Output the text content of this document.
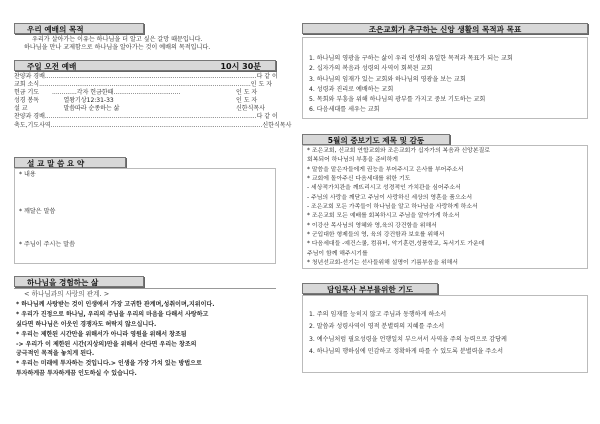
우리 예배의 목적
우리가 살아가는 이유는 하나님을 더 알고 싶은 갈망 때문입니다.
하나님을 만나 교제함으로 하나님을 알아가는 것이 예배의 목적입니다.
주일 오전 예배	10시 30분
찬양과 경배 ............................................................................................................... 다 같 이
교회 소식 ............................................................................................................... 인 도 자
헌금 기도	.............각자 헌금한때...................................	인 도 자
성경 봉독	열왕기상12:31-33	인 도 자
설 교	말씀따라 순종하는 삶	신한식목사
찬양과 경배 ............................................................................................................... 다 같 이
축도,기도사역 ............................................................................................................... 신한식목사
설 교 말 씀 요 약
* 내용
* 깨달은 말씀
* 주님이 주시는 말씀
하나님을 경험하는 삶
< 하나님과의 사랑의 관계. >
* 하나님께 사랑받는 것이 인생에서 가장 고귀한 관계며,성취이며,지위이다.
* 우리가 진정으로 하나님, 우리의 주님을 우리의 마음을 다해서 사랑하고
싶다면 하나님은 이웃인 경쟁자도 허락지 않으십니다.
* 우리는 제한된 시간만을 위해서가 아니라 영원을 위해서 창조됨
-> 우리가 이 제한된 시간(지상의)만을 위해서 산다면 우리는 창조의
궁극적인 목적을 놓치게 된다.
* 우리는 미래에 투자하는 것입니다.> 인생을 가장 가치 있는 방법으로
투자하게끔 투자하게끔 인도하실 수 있습니다.
조은교회가 추구하는 신앙 생활의 목적과 목표
1. 하나님의 영광을 구하는 삶이 우리 인생의 유일한 목적과 목표가 되는 교회
2. 십자가의 복음과 성령의 사역이 회복된 교회
3. 하나님의 임재가 있는 교회와 하나님의 영광을 보는 교회
4. 성령과 진리로 예배하는 교회
5. 목회와 부흥을 위해 하나님의 광부를 가지고 중보 기도하는 교회
6. 다음세대를 세우는 교회
5월의 중보기도 제목 및 감동
* 조은교회, 신교회 연합교회와 조은교회가 십자가의 복음과 신앙본질로
회복되어 하나님의 부흥을 준비하게
* 말씀을 맡은자들에게 권능을 부어주시고 은사를 부어주소서
* 교회에 돌아주신 다음세대를 위한 기도
- 세상적가치관을 깨뜨리시고 성경적인 가치관을 심어주소서
- 주님의 사랑을 깨닫고 주님이 사랑하신 세상의 영혼을 품으소서
- 조은교회 모든 가족들이 하나님을 알고 하나님을 사랑하게 하소서
* 조은교회 모든 예배를 회복하시고 주님을 알아가게 하소서
* 이강산 목사님의 영혜와 영,육의 강건함을 위해서
* 군입대한 형제들의 영, 육의 강건함과 보호를 위해서
* 다음세대들 -예건스쿨, 컴퓨터, 악기훈련,성품학교, 독서기도 가운데
주님이 함께 해주시기를
* 청년선교회-선기는 선사들위해 설명이 기름부음을 위해서
담임목사 부부를위한 기도
1. 주의 임재를 능히지 않고 주님과 동행하게 하소서
2. 말씀과 성령사역이 영적 분별력의 지혜를 주소서
3. 예수님처럼 필요성령을 언행일치 부으셔서 사역을 주의 능력으로 감당케
4. 하나님의 행하심에 민감하고 정확하게 따를 수 있도록 분별력을 주소서
